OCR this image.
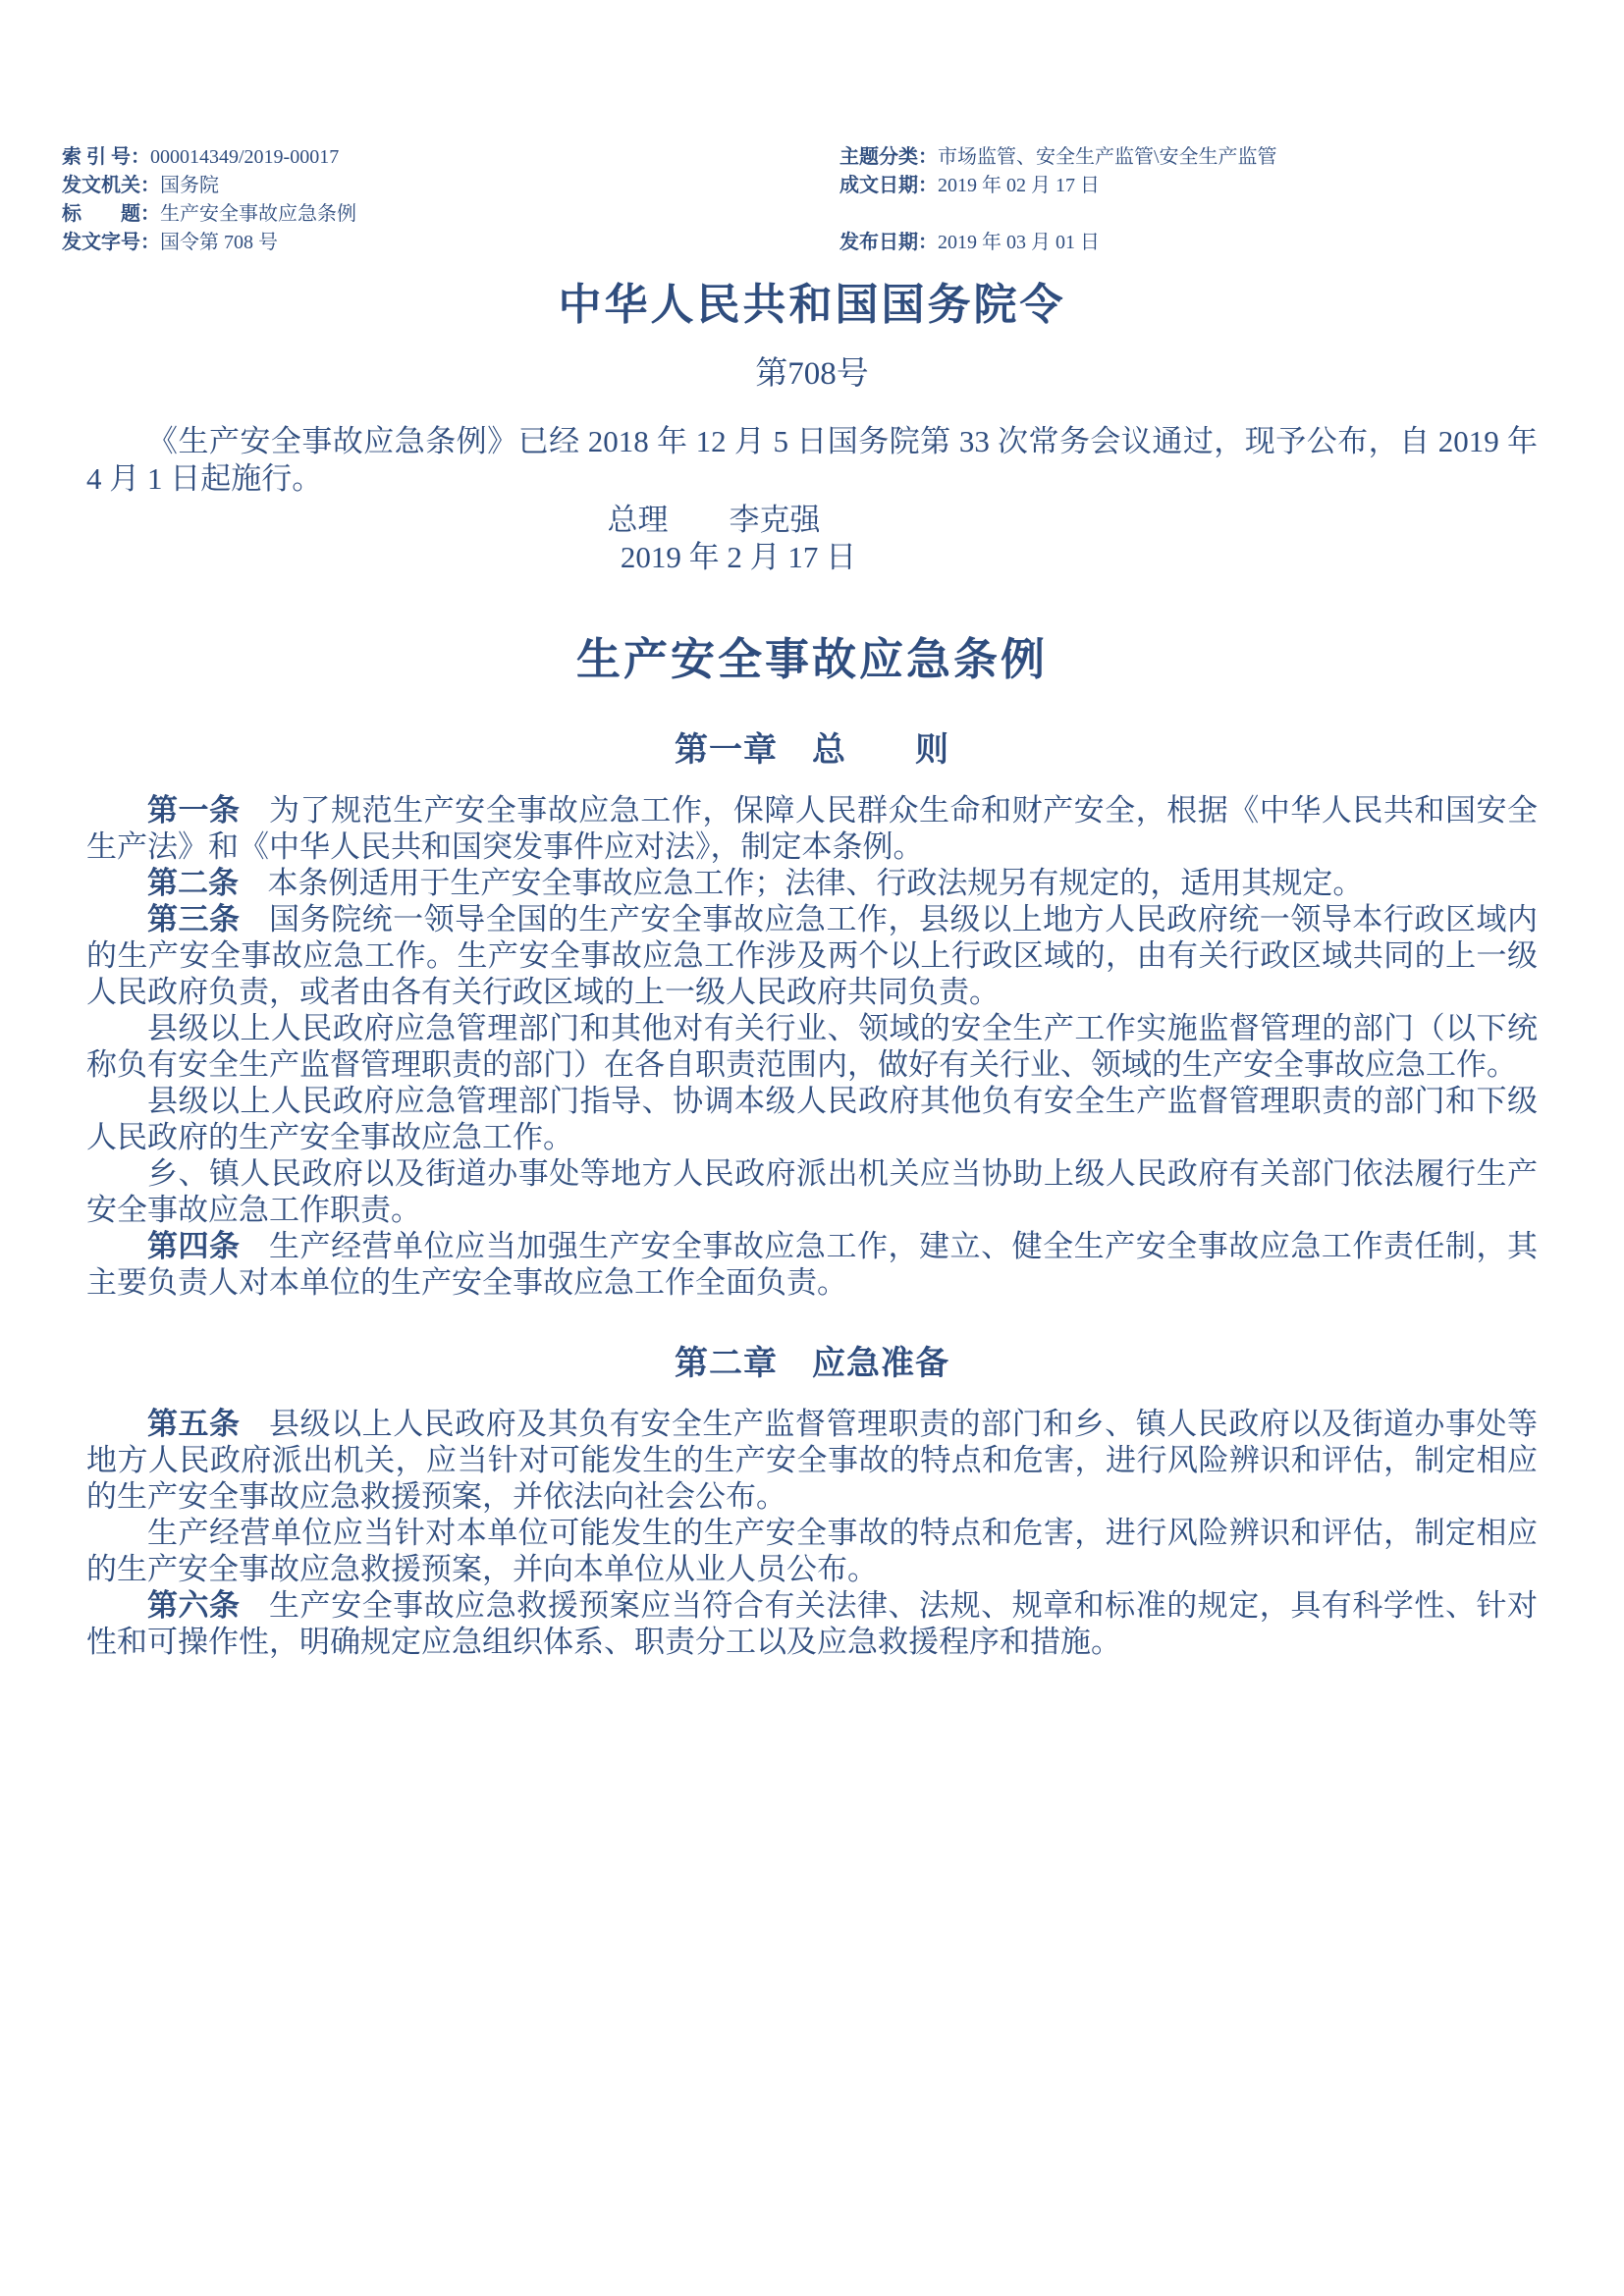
索 引 号：000014349/2019-00017	主题分类：市场监管、安全生产监管\安全生产监管
发文机关：国务院	成文日期：2019 年 02 月 17 日
标　　题：生产安全事故应急条例
发文字号：国令第 708 号	发布日期：2019 年 03 月 01 日
中华人民共和国国务院令
第708号

《生产安全事故应急条例》已经 2018 年 12 月 5 日国务院第 33 次常务会议通过，现予公布，自 2019 年 4 月 1 日起施行。

总理　　李克强
2019 年 2 月 17 日
生产安全事故应急条例
第一章　总　　则

第一条 为了规范生产安全事故应急工作，保障人民群众生命和财产安全，根据《中华人民共和国安全生产法》和《中华人民共和国突发事件应对法》，制定本条例。

第二条 本条例适用于生产安全事故应急工作；法律、行政法规另有规定的，适用其规定。

第三条 国务院统一领导全国的生产安全事故应急工作，县级以上地方人民政府统一领导本行政区域内的生产安全事故应急工作。生产安全事故应急工作涉及两个以上行政区域的，由有关行政区域共同的上一级人民政府负责，或者由各有关行政区域的上一级人民政府共同负责。

县级以上人民政府应急管理部门和其他对有关行业、领域的安全生产工作实施监督管理的部门（以下统称负有安全生产监督管理职责的部门）在各自职责范围内，做好有关行业、领域的生产安全事故应急工作。

县级以上人民政府应急管理部门指导、协调本级人民政府其他负有安全生产监督管理职责的部门和下级人民政府的生产安全事故应急工作。

乡、镇人民政府以及街道办事处等地方人民政府派出机关应当协助上级人民政府有关部门依法履行生产安全事故应急工作职责。

第四条 生产经营单位应当加强生产安全事故应急工作，建立、健全生产安全事故应急工作责任制，其主要负责人对本单位的生产安全事故应急工作全面负责。

第二章　应急准备

第五条 县级以上人民政府及其负有安全生产监督管理职责的部门和乡、镇人民政府以及街道办事处等地方人民政府派出机关，应当针对可能发生的生产安全事故的特点和危害，进行风险辨识和评估，制定相应的生产安全事故应急救援预案，并依法向社会公布。

生产经营单位应当针对本单位可能发生的生产安全事故的特点和危害，进行风险辨识和评估，制定相应的生产安全事故应急救援预案，并向本单位从业人员公布。

第六条 生产安全事故应急救援预案应当符合有关法律、法规、规章和标准的规定，具有科学性、针对性和可操作性，明确规定应急组织体系、职责分工以及应急救援程序和措施。
